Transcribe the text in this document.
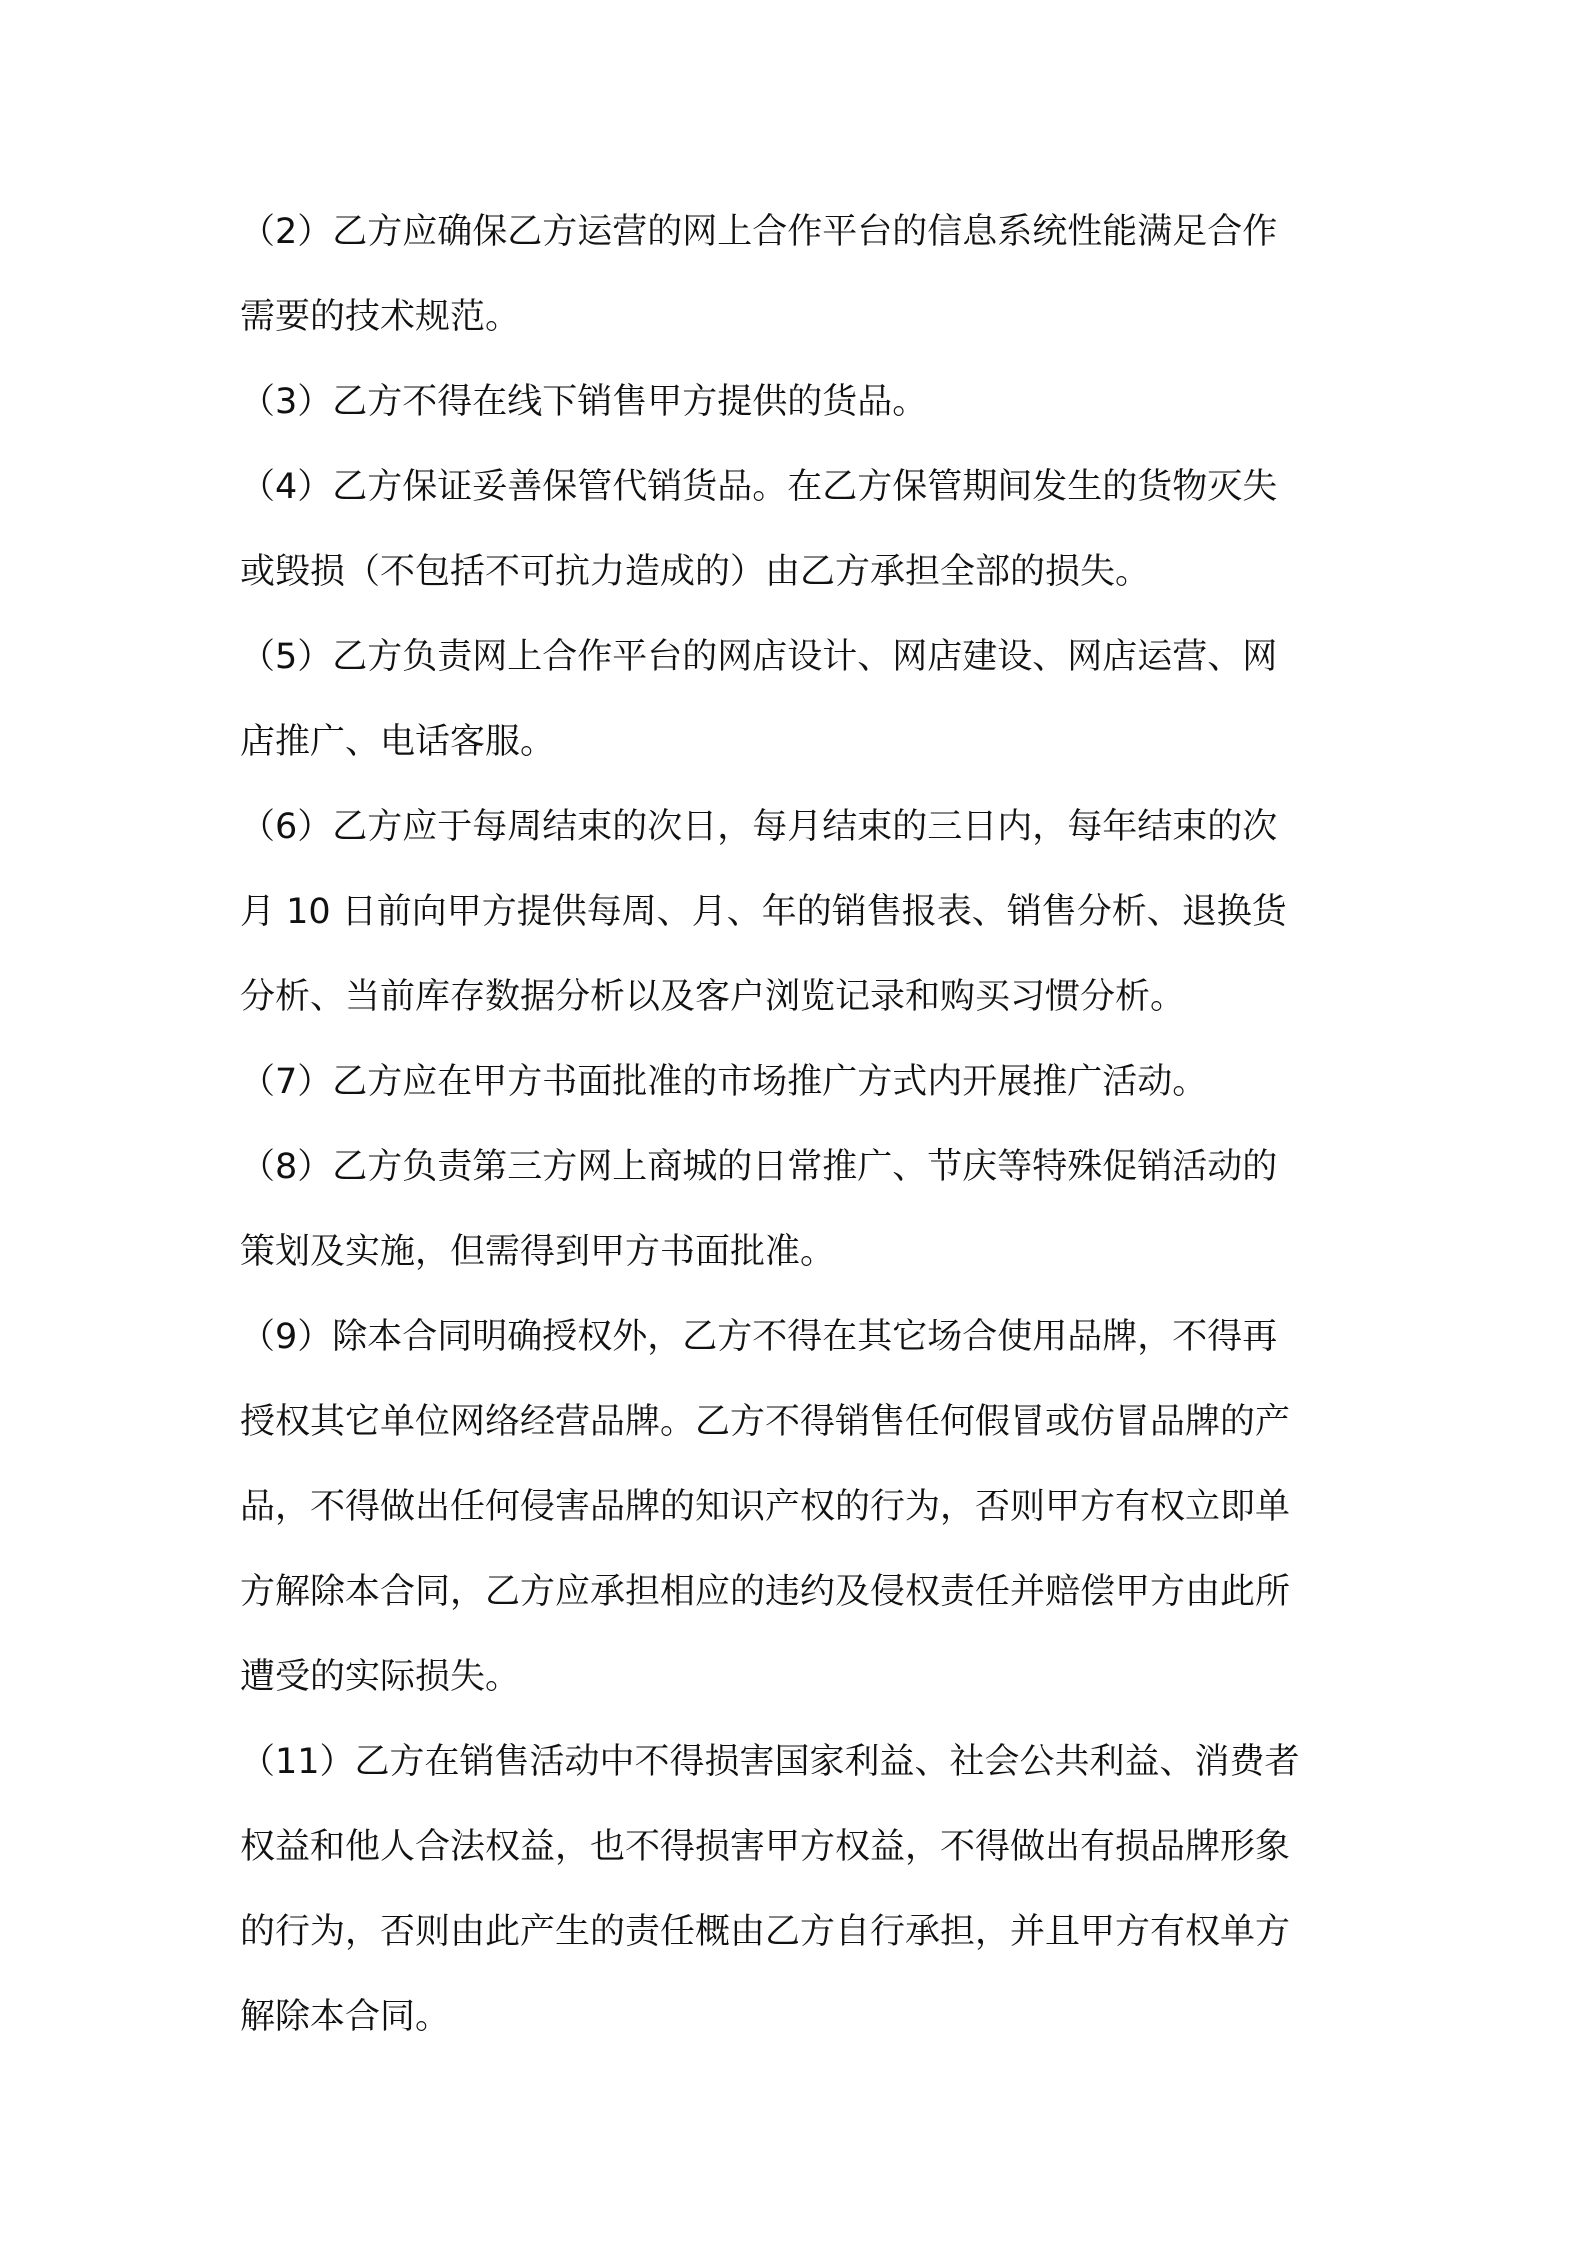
（2）乙方应确保乙方运营的网上合作平台的信息系统性能满足合作
需要的技术规范。
（3）乙方不得在线下销售甲方提供的货品。
（4）乙方保证妥善保管代销货品。在乙方保管期间发生的货物灭失
或毁损（不包括不可抗力造成的）由乙方承担全部的损失。
（5）乙方负责网上合作平台的网店设计、网店建设、网店运营、网
店推广、电话客服。
（6）乙方应于每周结束的次日，每月结束的三日内，每年结束的次
月 10 日前向甲方提供每周、月、年的销售报表、销售分析、退换货
分析、当前库存数据分析以及客户浏览记录和购买习惯分析。
（7）乙方应在甲方书面批准的市场推广方式内开展推广活动。
（8）乙方负责第三方网上商城的日常推广、节庆等特殊促销活动的
策划及实施，但需得到甲方书面批准。
（9）除本合同明确授权外，乙方不得在其它场合使用品牌，不得再
授权其它单位网络经营品牌。乙方不得销售任何假冒或仿冒品牌的产
品，不得做出任何侵害品牌的知识产权的行为，否则甲方有权立即单
方解除本合同，乙方应承担相应的违约及侵权责任并赔偿甲方由此所
遭受的实际损失。
（11）乙方在销售活动中不得损害国家利益、社会公共利益、消费者
权益和他人合法权益，也不得损害甲方权益，不得做出有损品牌形象
的行为，否则由此产生的责任概由乙方自行承担，并且甲方有权单方
解除本合同。
